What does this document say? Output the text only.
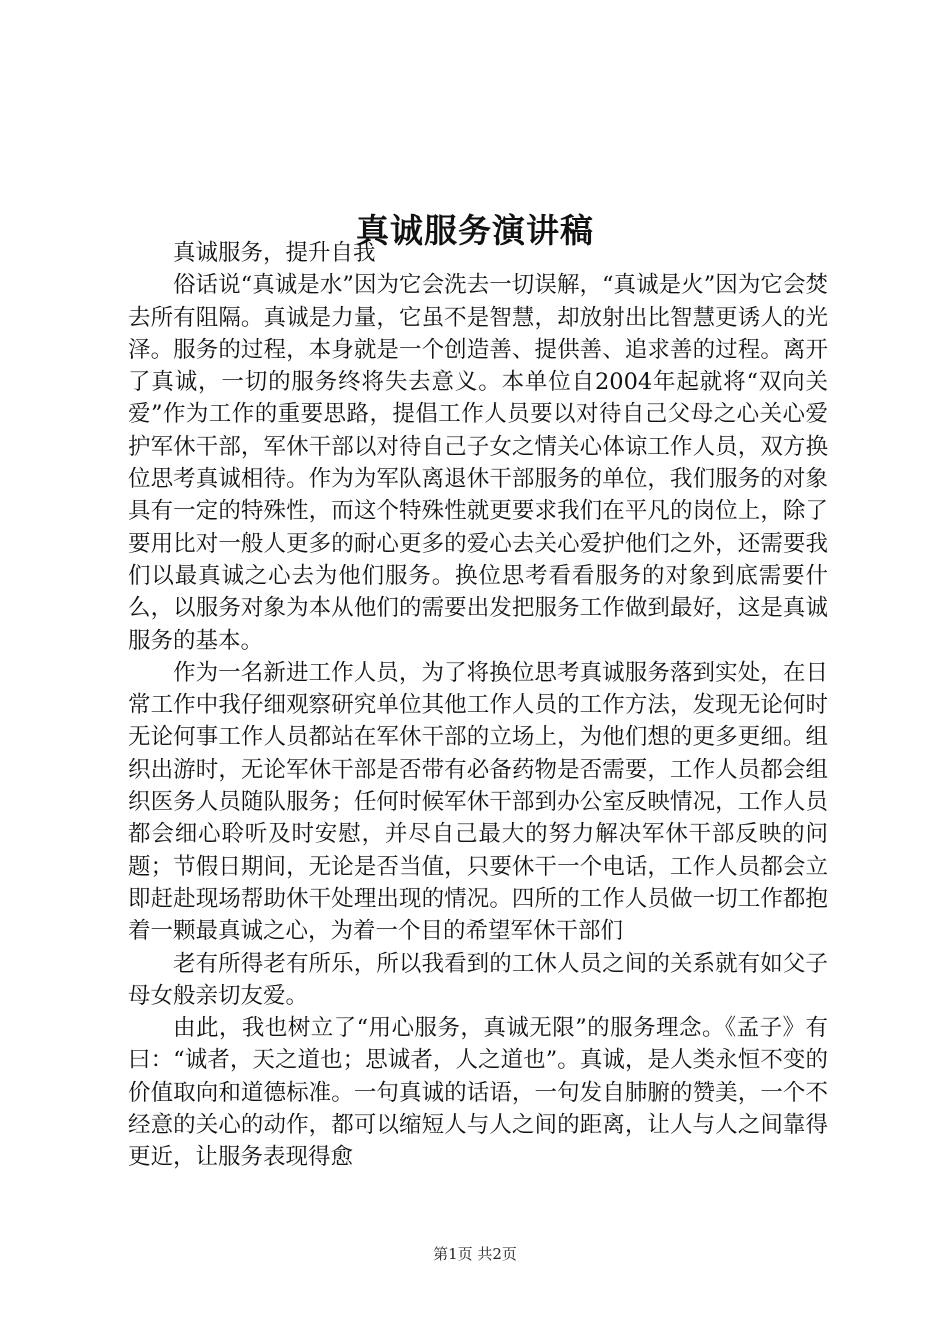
真诚服务演讲稿

真诚服务，提升自我

俗话说“真诚是水”因为它会洗去一切误解，“真诚是火”因为它会焚去所有阻隔。真诚是力量，它虽不是智慧，却放射出比智慧更诱人的光泽。服务的过程，本身就是一个创造善、提供善、追求善的过程。离开了真诚，一切的服务终将失去意义。本单位自2004年起就将“双向关爱”作为工作的重要思路，提倡工作人员要以对待自己父母之心关心爱护军休干部，军休干部以对待自己子女之情关心体谅工作人员，双方换位思考真诚相待。作为为军队离退休干部服务的单位，我们服务的对象具有一定的特殊性，而这个特殊性就更要求我们在平凡的岗位上，除了要用比对一般人更多的耐心更多的爱心去关心爱护他们之外，还需要我们以最真诚之心去为他们服务。换位思考看看服务的对象到底需要什么，以服务对象为本从他们的需要出发把服务工作做到最好，这是真诚服务的基本。

作为一名新进工作人员，为了将换位思考真诚服务落到实处，在日常工作中我仔细观察研究单位其他工作人员的工作方法，发现无论何时无论何事工作人员都站在军休干部的立场上，为他们想的更多更细。组织出游时，无论军休干部是否带有必备药物是否需要，工作人员都会组织医务人员随队服务；任何时候军休干部到办公室反映情况，工作人员都会细心聆听及时安慰，并尽自己最大的努力解决军休干部反映的问题；节假日期间，无论是否当值，只要休干一个电话，工作人员都会立即赶赴现场帮助休干处理出现的情况。四所的工作人员做一切工作都抱着一颗最真诚之心，为着一个目的希望军休干部们

老有所得老有所乐，所以我看到的工休人员之间的关系就有如父子母女般亲切友爱。

由此，我也树立了“用心服务，真诚无限”的服务理念。《孟子》有曰：“诚者，天之道也；思诚者，人之道也”。真诚，是人类永恒不变的价值取向和道德标准。一句真诚的话语，一句发自肺腑的赞美，一个不经意的关心的动作，都可以缩短人与人之间的距离，让人与人之间靠得更近，让服务表现得愈

第1页 共2页
